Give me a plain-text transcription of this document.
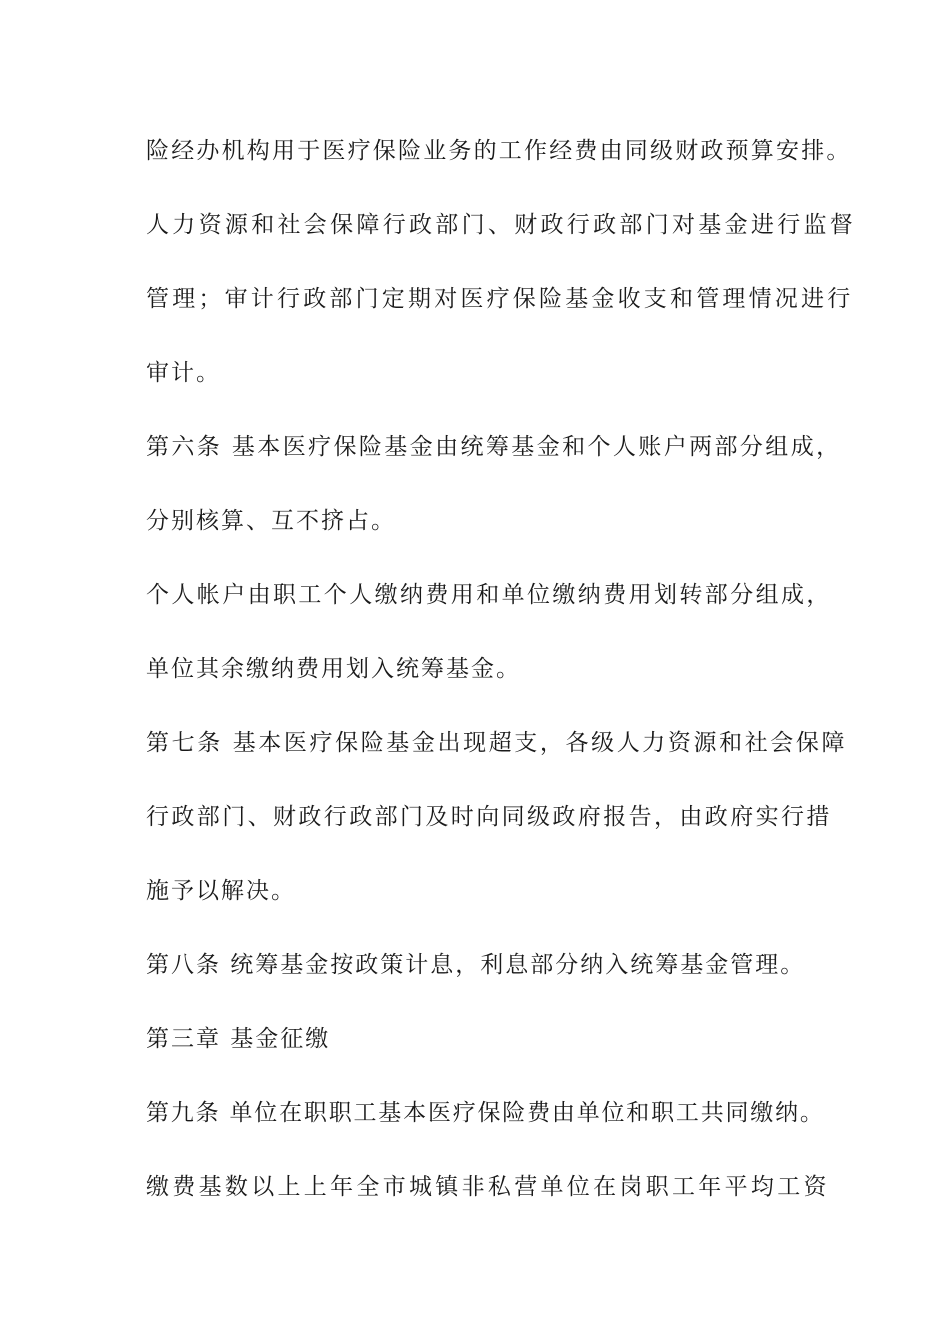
险经办机构用于医疗保险业务的工作经费由同级财政预算安排。
人力资源和社会保障行政部门、财政行政部门对基金进行监督
管理；审计行政部门定期对医疗保险基金收支和管理情况进行
审计。
第六条 基本医疗保险基金由统筹基金和个人账户两部分组成，
分别核算、互不挤占。
个人帐户由职工个人缴纳费用和单位缴纳费用划转部分组成，
单位其余缴纳费用划入统筹基金。
第七条 基本医疗保险基金出现超支，各级人力资源和社会保障
行政部门、财政行政部门及时向同级政府报告，由政府实行措
施予以解决。
第八条 统筹基金按政策计息，利息部分纳入统筹基金管理。
第三章 基金征缴
第九条 单位在职职工基本医疗保险费由单位和职工共同缴纳。
缴费基数以上上年全市城镇非私营单位在岗职工年平均工资
